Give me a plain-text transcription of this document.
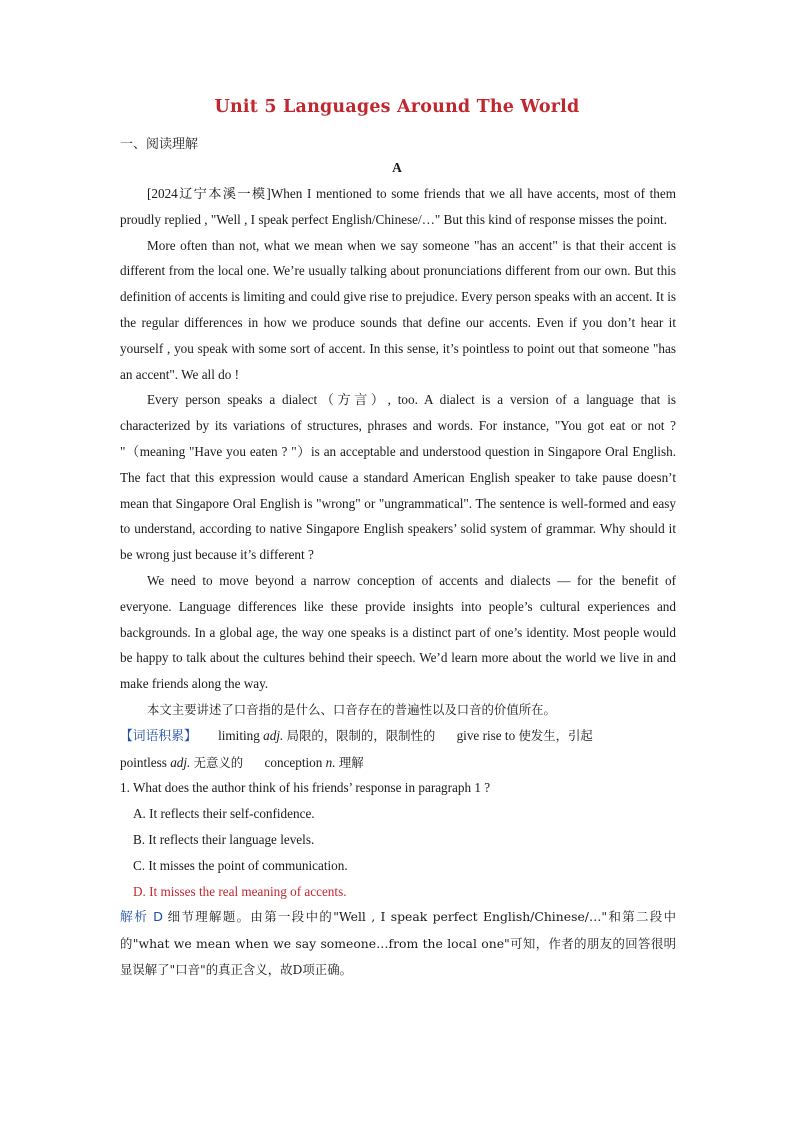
Unit 5 Languages Around The World
一、阅读理解
A

[2024辽宁本溪一模]When I mentioned to some friends that we all have accents, most of them proudly replied , "Well , I speak perfect English/Chinese/…" But this kind of response misses the point.

More often than not, what we mean when we say someone "has an accent" is that their accent is different from the local one. We’re usually talking about pronunciations different from our own. But this definition of accents is limiting and could give rise to prejudice. Every person speaks with an accent. It is the regular differences in how we produce sounds that define our accents. Even if you don’t hear it yourself , you speak with some sort of accent. In this sense, it’s pointless to point out that someone "has an accent". We all do !

Every person speaks a dialect（方言）, too. A dialect is a version of a language that is characterized by its variations of structures, phrases and words. For instance, "You got eat or not ? "（meaning "Have you eaten ? "）is an acceptable and understood question in Singapore Oral English. The fact that this expression would cause a standard American English speaker to take pause doesn’t mean that Singapore Oral English is "wrong" or "ungrammatical". The sentence is well-formed and easy to understand, according to native Singapore English speakers’ solid system of grammar. Why should it be wrong just because it’s different ?

We need to move beyond a narrow conception of accents and dialects — for the benefit of everyone. Language differences like these provide insights into people’s cultural experiences and backgrounds. In a global age, the way one speaks is a distinct part of one’s identity. Most people would be happy to talk about the cultures behind their speech. We’d learn more about the world we live in and make friends along the way.

本文主要讲述了口音指的是什么、口音存在的普遍性以及口音的价值所在。

【词语积累】 limiting adj. 局限的，限制的，限制性的 give rise to 使发生，引起
pointless adj. 无意义的 conception n. 理解
1. What does the author think of his friends’ response in paragraph 1 ?
A. It reflects their self-confidence.
B. It reflects their language levels.
C. It misses the point of communication.
D. It misses the real meaning of accents.
解析 D 细节理解题。由第一段中的"Well , I speak perfect English/Chinese/…"和第二段中的"what we mean when we say someone…from the local one"可知，作者的朋友的回答很明显误解了"口音"的真正含义，故D项正确。
